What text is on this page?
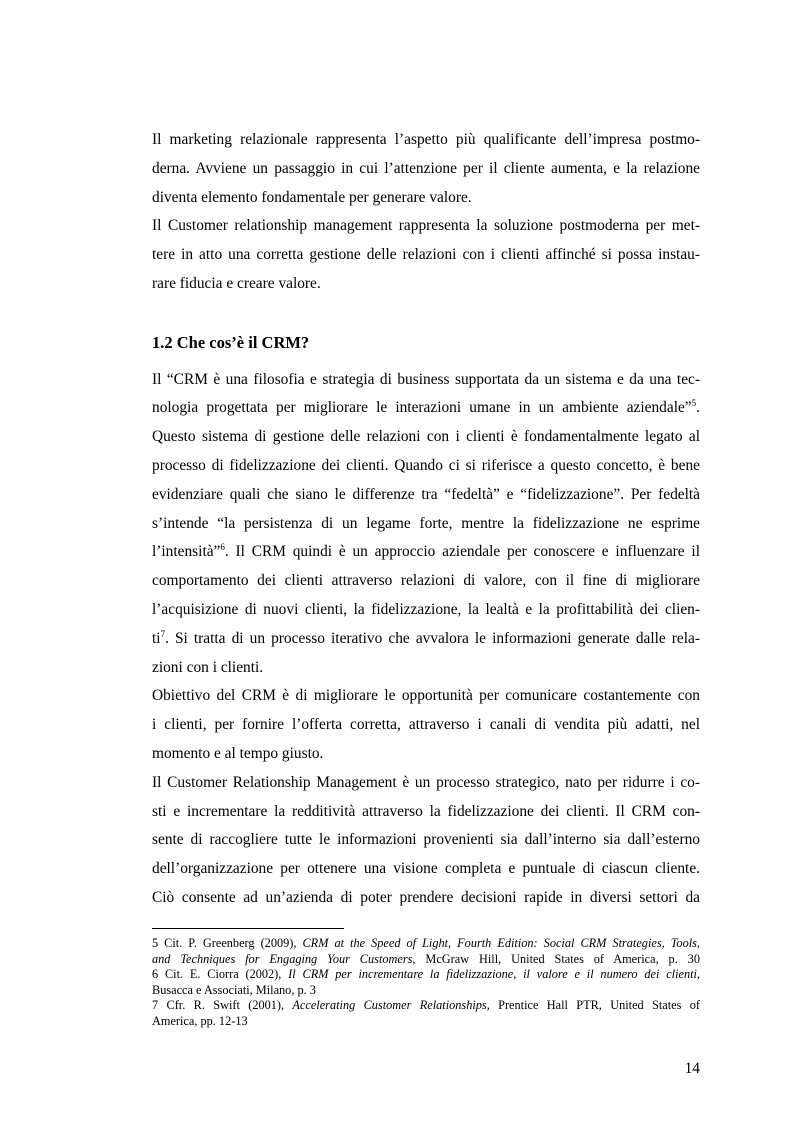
Il marketing relazionale rappresenta l’aspetto più qualificante dell’impresa postmo-
derna. Avviene un passaggio in cui l’attenzione per il cliente aumenta, e la relazione
diventa elemento fondamentale per generare valore.
Il Customer relationship management rappresenta la soluzione postmoderna per met-
tere in atto una corretta gestione delle relazioni con i clienti affinché si possa instau-
rare fiducia e creare valore.
1.2 Che cos’è il CRM?
Il “CRM è una filosofia e strategia di business supportata da un sistema e da una tec-
nologia progettata per migliorare le interazioni umane in un ambiente aziendale”$^5$.
Questo sistema di gestione delle relazioni con i clienti è fondamentalmente legato al
processo di fidelizzazione dei clienti. Quando ci si riferisce a questo concetto, è bene
evidenziare quali che siano le differenze tra “fedeltà” e “fidelizzazione”. Per fedeltà
s’intende “la persistenza di un legame forte, mentre la fidelizzazione ne esprime
l’intensità”$^6$. Il CRM quindi è un approccio aziendale per conoscere e influenzare il
comportamento dei clienti attraverso relazioni di valore, con il fine di migliorare
l’acquisizione di nuovi clienti, la fidelizzazione, la lealtà e la profittabilità dei clien-
$ti^7$. Si tratta di un processo iterativo che avvalora le informazioni generate dalle rela-
zioni con i clienti.
Obiettivo del CRM è di migliorare le opportunità per comunicare costantemente con
i clienti, per fornire l’offerta corretta, attraverso i canali di vendita più adatti, nel
momento e al tempo giusto.
Il Customer Relationship Management è un processo strategico, nato per ridurre i co-
sti e incrementare la redditività attraverso la fidelizzazione dei clienti. Il CRM con-
sente di raccogliere tutte le informazioni provenienti sia dall’interno sia dall’esterno
dell’organizzazione per ottenere una visione completa e puntuale di ciascun cliente.
Ciò consente ad un’azienda di poter prendere decisioni rapide in diversi settori da
5 Cit. P. Greenberg (2009), CRM at the Speed of Light, Fourth Edition: Social CRM Strategies, Tools,
and Techniques for Engaging Your Customers, McGraw Hill, United States of America, p. 30
6 Cit. E. Ciorra (2002), Il CRM per incrementare la fidelizzazione, il valore e il numero dei clienti,
Busacca e Associati, Milano, p. 3
7 Cfr. R. Swift (2001), Accelerating Customer Relationships, Prentice Hall PTR, United States of
America, pp. 12-13
14
